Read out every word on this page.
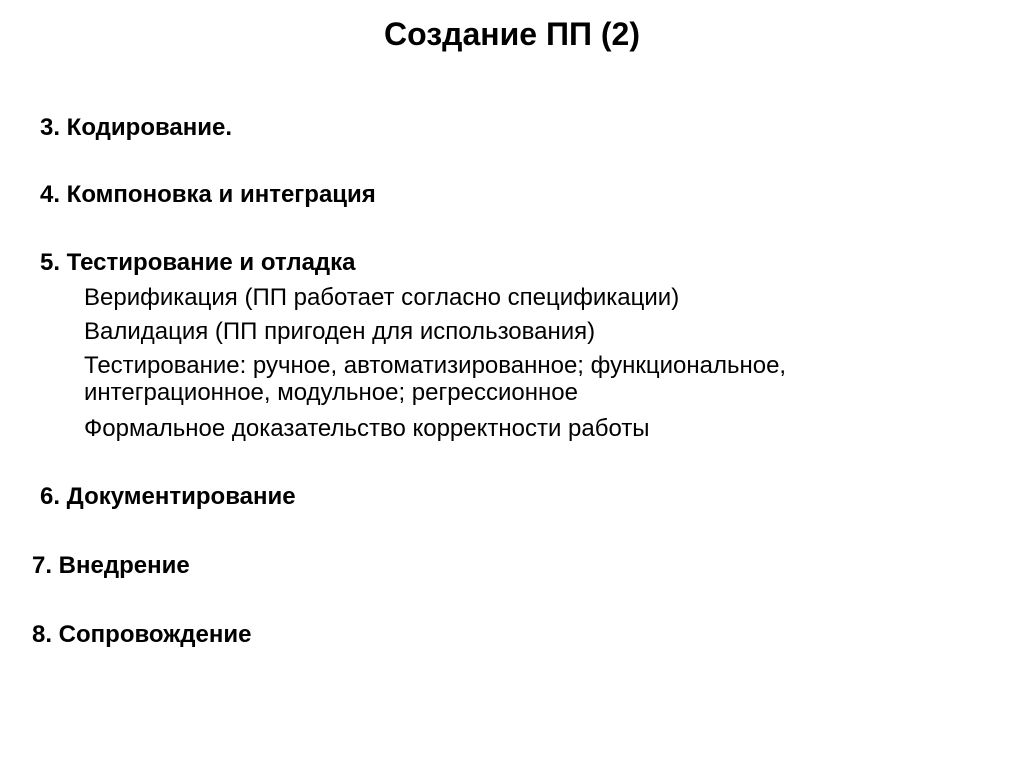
Создание ПП (2)
3. Кодирование.
4. Компоновка и интеграция
5. Тестирование и отладка
Верификация (ПП работает согласно спецификации)
Валидация (ПП пригоден для использования)
Тестирование: ручное, автоматизированное; функциональное,
интеграционное, модульное; регрессионное
Формальное доказательство корректности работы
6. Документирование
7. Внедрение
8. Сопровождение
